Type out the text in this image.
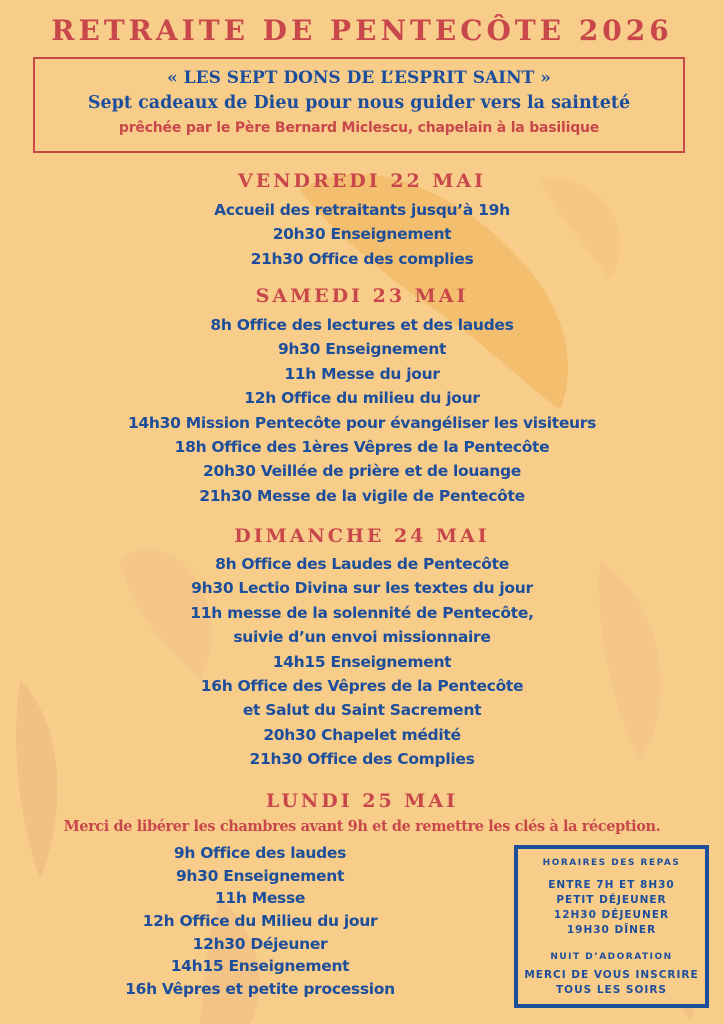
RETRAITE DE PENTECÔTE 2026
« LES SEPT DONS DE L’ESPRIT SAINT »
Sept cadeaux de Dieu pour nous guider vers la sainteté
prêchée par le Père Bernard Miclescu, chapelain à la basilique
VENDREDI 22 MAI
Accueil des retraitants jusqu’à 19h
20h30 Enseignement
21h30 Office des complies
SAMEDI 23 MAI
8h Office des lectures et des laudes
9h30 Enseignement
11h Messe du jour
12h Office du milieu du jour
14h30 Mission Pentecôte pour évangéliser les visiteurs
18h Office des 1ères Vêpres de la Pentecôte
20h30 Veillée de prière et de louange
21h30 Messe de la vigile de Pentecôte
DIMANCHE 24 MAI
8h Office des Laudes de Pentecôte
9h30 Lectio Divina sur les textes du jour
11h messe de la solennité de Pentecôte,
suivie d’un envoi missionnaire
14h15 Enseignement
16h Office des Vêpres de la Pentecôte
et Salut du Saint Sacrement
20h30 Chapelet médité
21h30 Office des Complies
LUNDI 25 MAI

Merci de libérer les chambres avant 9h et de remettre les clés à la réception.

9h Office des laudes
9h30 Enseignement
11h Messe
12h Office du Milieu du jour
12h30 Déjeuner
14h15 Enseignement
16h Vêpres et petite procession
HORAIRES DES REPAS
ENTRE 7H ET 8H30
PETIT DÉJEUNER
12H30 DÉJEUNER
19H30 DÎNER
NUIT D’ADORATION
MERCI DE VOUS INSCRIRE
TOUS LES SOIRS
